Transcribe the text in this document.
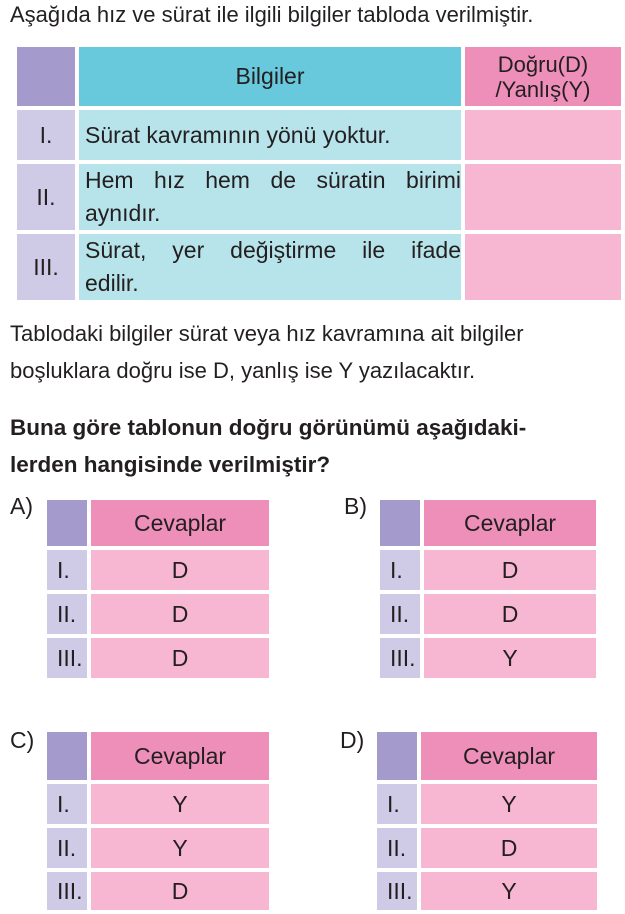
Aşağıda hız ve sürat ile ilgili bilgiler tabloda verilmiştir.
	Bilgiler	Doğru(D)
/Yanlış(Y)

I.	Sürat kavramının yönü yoktur.	
II.	Hem hız hem de süratin birimi
aynıdır.	

III.	Sürat, yer değiştirme ile ifade
edilir.	

Tablodaki bilgiler sürat veya hız kavramına ait bilgiler
boşluklara doğru ise D, yanlış ise Y yazılacaktır.
Buna göre tablonun doğru görünümü aşağıdaki-
lerden hangisinde verilmiştir?
A)
	Cevaplar
I.	D
II.	D
III.	D
B)
	Cevaplar
I.	D
II.	D
III.	Y
C)
	Cevaplar
I.	Y
II.	Y
III.	D
D)
	Cevaplar
I.	Y
II.	D
III.	Y
